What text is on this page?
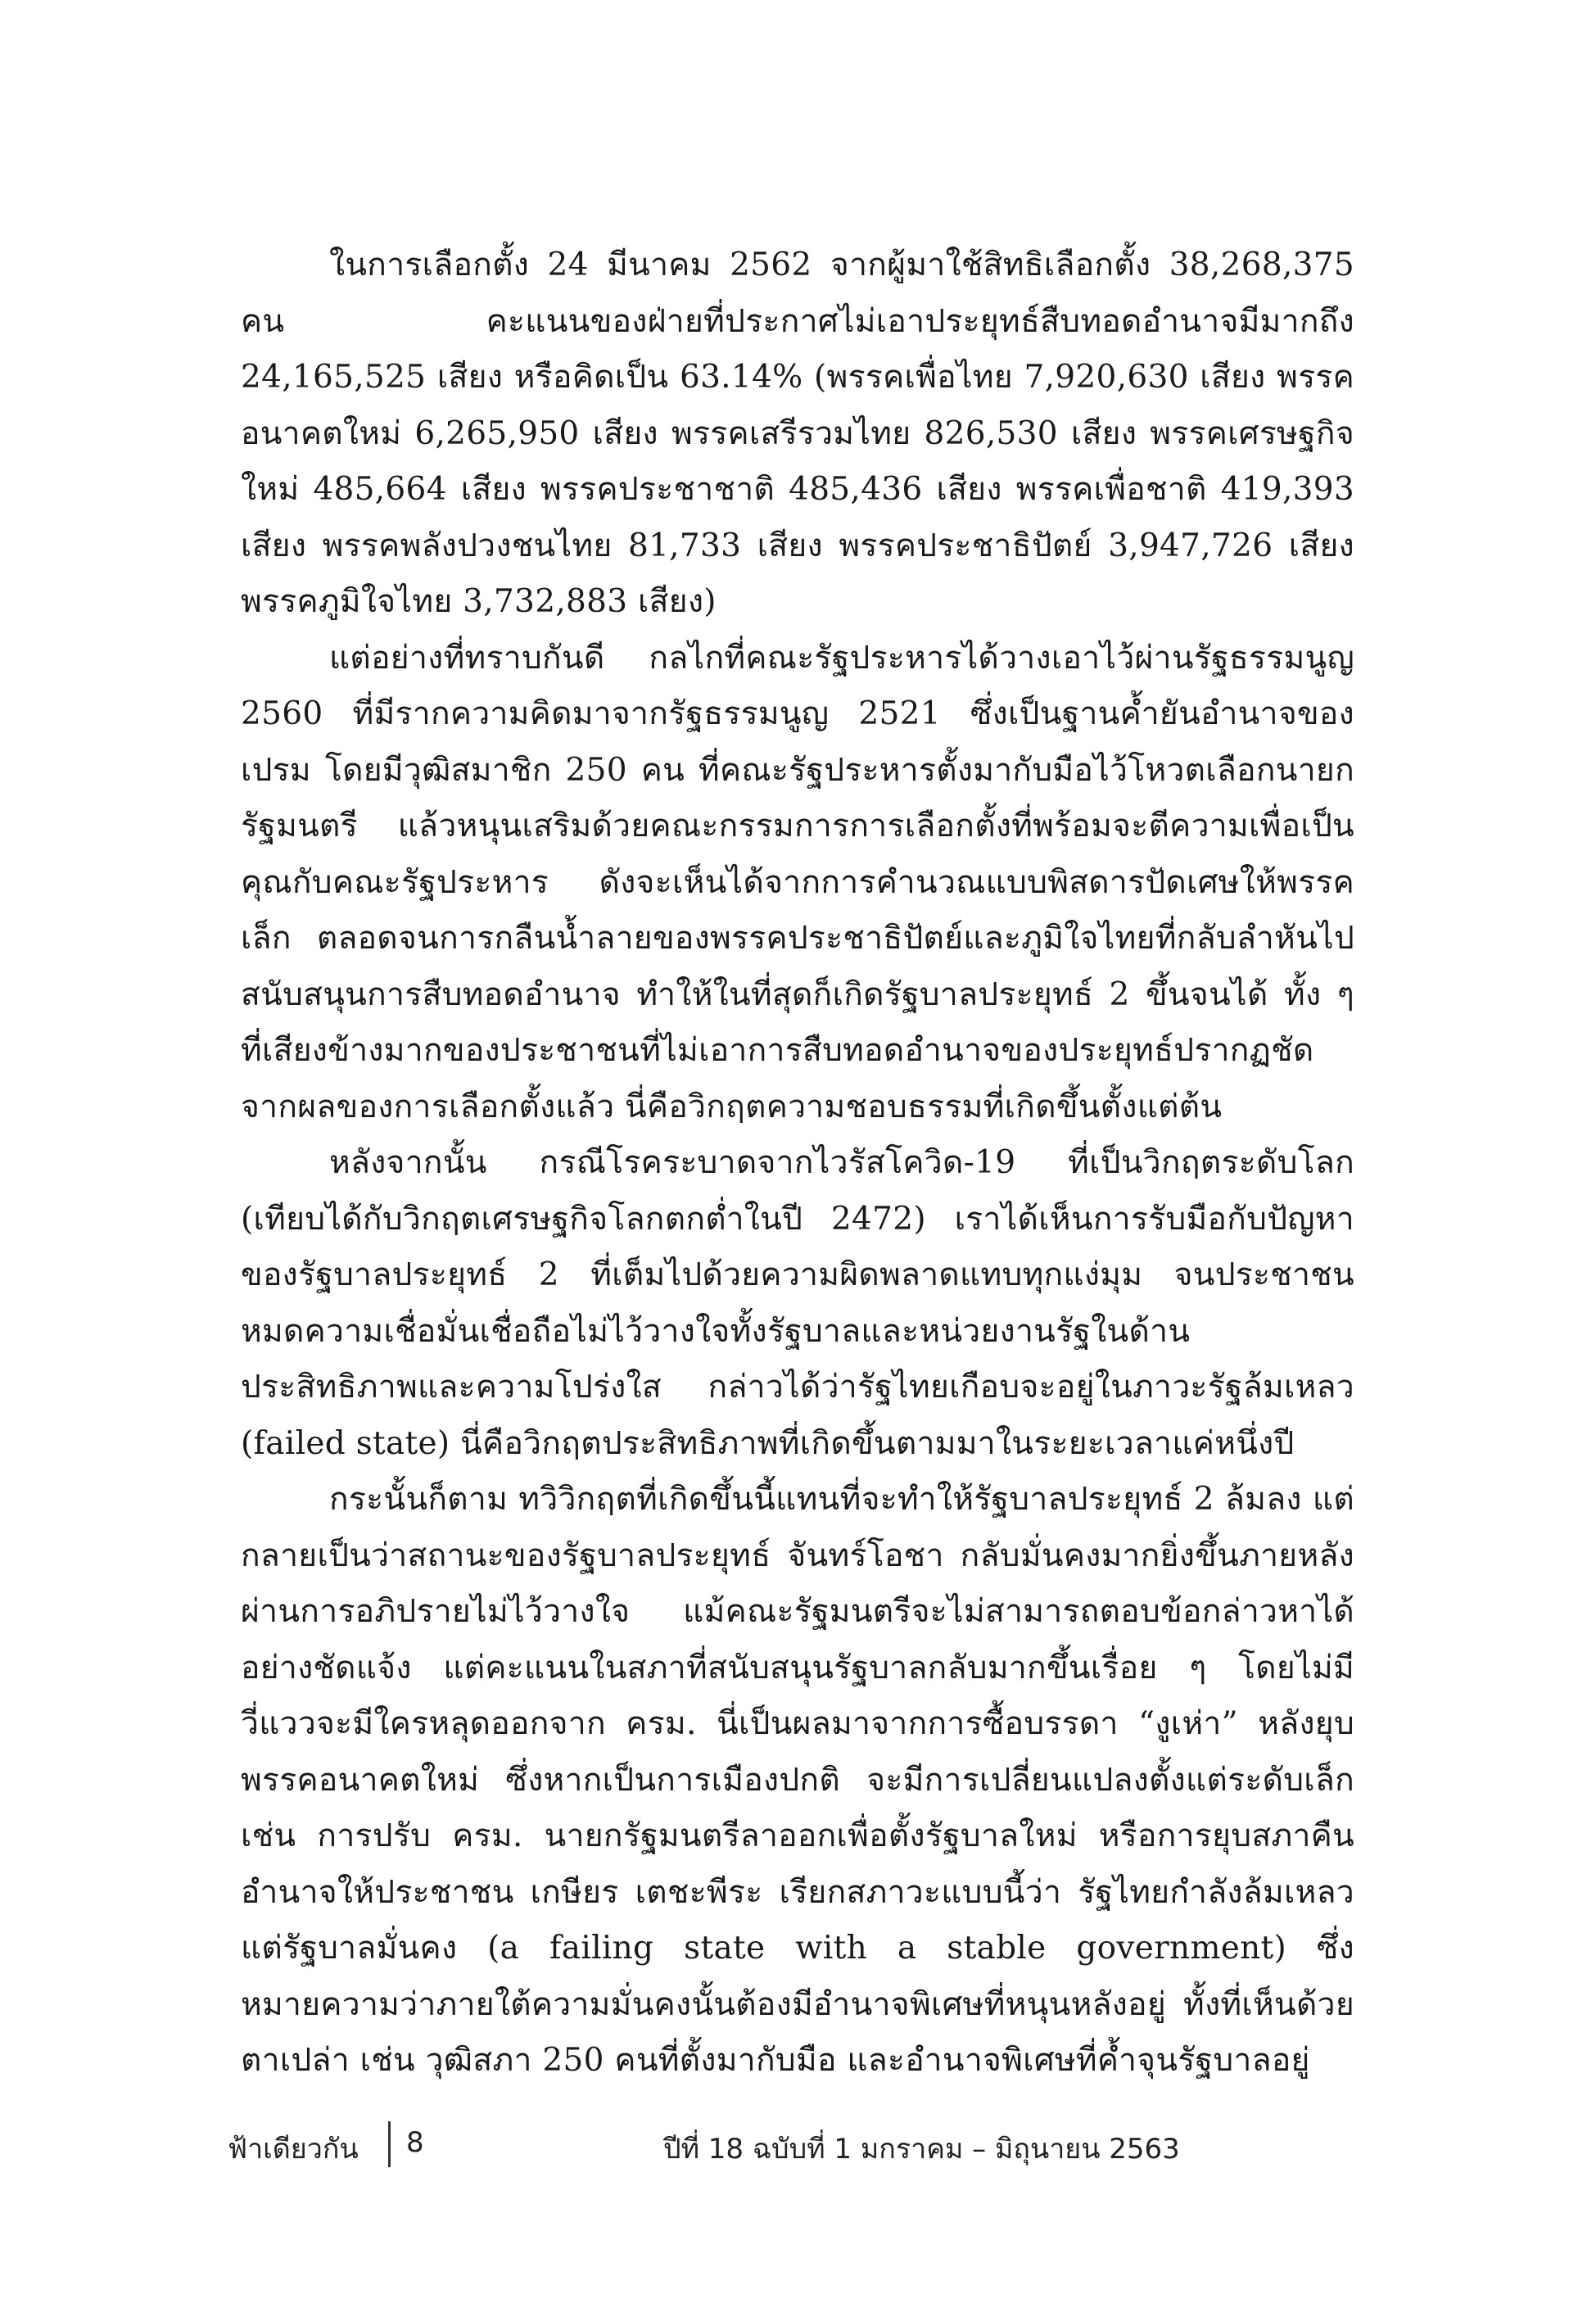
ในการเลือกตั้ง 24 มีนาคม 2562 จากผู้มาใช้สิทธิเลือกตั้ง 38,268,375 คน คะแนนของฝ่ายที่ประกาศไม่เอาประยุทธ์สืบทอดอำนาจมีมากถึง 24,165,525 เสียง หรือคิดเป็น 63.14% (พรรคเพื่อไทย 7,920,630 เสียง พรรคอนาคตใหม่ 6,265,950 เสียง พรรคเสรีรวมไทย 826,530 เสียง พรรคเศรษฐกิจใหม่ 485,664 เสียง พรรคประชาชาติ 485,436 เสียง พรรคเพื่อชาติ 419,393 เสียง พรรคพลังปวงชนไทย 81,733 เสียง พรรคประชาธิปัตย์ 3,947,726 เสียง พรรคภูมิใจไทย 3,732,883 เสียง)

แต่อย่างที่ทราบกันดี กลไกที่คณะรัฐประหารได้วางเอาไว้ผ่านรัฐธรรมนูญ 2560 ที่มีรากความคิดมาจากรัฐธรรมนูญ 2521 ซึ่งเป็นฐานค้ำยันอำนาจของเปรม โดยมีวุฒิสมาชิก 250 คน ที่คณะรัฐประหารตั้งมากับมือไว้โหวตเลือกนายกรัฐมนตรี แล้วหนุนเสริมด้วยคณะกรรมการการเลือกตั้งที่พร้อมจะตีความเพื่อเป็นคุณกับคณะรัฐประหาร ดังจะเห็นได้จากการคำนวณแบบพิสดารปัดเศษให้พรรคเล็ก ตลอดจนการกลืนน้ำลายของพรรคประชาธิปัตย์และภูมิใจไทยที่กลับลำหันไปสนับสนุนการสืบทอดอำนาจ ทำให้ในที่สุดก็เกิดรัฐบาลประยุทธ์ 2 ขึ้นจนได้ ทั้ง ๆ ที่เสียงข้างมากของประชาชนที่ไม่เอาการสืบทอดอำนาจของประยุทธ์ปรากฏชัดจากผลของการเลือกตั้งแล้ว นี่คือวิกฤตความชอบธรรมที่เกิดขึ้นตั้งแต่ต้น

หลังจากนั้น กรณีโรคระบาดจากไวรัสโควิด-19 ที่เป็นวิกฤตระดับโลก (เทียบได้กับวิกฤตเศรษฐกิจโลกตกต่ำในปี 2472) เราได้เห็นการรับมือกับปัญหาของรัฐบาลประยุทธ์ 2 ที่เต็มไปด้วยความผิดพลาดแทบทุกแง่มุม จนประชาชนหมดความเชื่อมั่นเชื่อถือไม่ไว้วางใจทั้งรัฐบาลและหน่วยงานรัฐในด้านประสิทธิภาพและความโปร่งใส กล่าวได้ว่ารัฐไทยเกือบจะอยู่ในภาวะรัฐล้มเหลว (failed state) นี่คือวิกฤตประสิทธิภาพที่เกิดขึ้นตามมาในระยะเวลาแค่หนึ่งปี

กระนั้นก็ตาม ทวิวิกฤตที่เกิดขึ้นนี้แทนที่จะทำให้รัฐบาลประยุทธ์ 2 ล้มลง แต่กลายเป็นว่าสถานะของรัฐบาลประยุทธ์ จันทร์โอชา กลับมั่นคงมากยิ่งขึ้นภายหลังผ่านการอภิปรายไม่ไว้วางใจ แม้คณะรัฐมนตรีจะไม่สามารถตอบข้อกล่าวหาได้อย่างชัดแจ้ง แต่คะแนนในสภาที่สนับสนุนรัฐบาลกลับมากขึ้นเรื่อย ๆ โดยไม่มีวี่แววจะมีใครหลุดออกจาก ครม. นี่เป็นผลมาจากการซื้อบรรดา “งูเห่า” หลังยุบพรรคอนาคตใหม่ ซึ่งหากเป็นการเมืองปกติ จะมีการเปลี่ยนแปลงตั้งแต่ระดับเล็ก เช่น การปรับ ครม. นายกรัฐมนตรีลาออกเพื่อตั้งรัฐบาลใหม่ หรือการยุบสภาคืนอำนาจให้ประชาชน เกษียร เตชะพีระ เรียกสภาวะแบบนี้ว่า รัฐไทยกำลังล้มเหลว แต่รัฐบาลมั่นคง (a failing state with a stable government) ซึ่งหมายความว่าภายใต้ความมั่นคงนั้นต้องมีอำนาจพิเศษที่หนุนหลังอยู่ ทั้งที่เห็นด้วยตาเปล่า เช่น วุฒิสภา 250 คนที่ตั้งมากับมือ และอำนาจพิเศษที่ค้ำจุนรัฐบาลอยู่

ฟ้าเดียวกัน 8	ปีที่ 18 ฉบับที่ 1 มกราคม – มิถุนายน 2563
